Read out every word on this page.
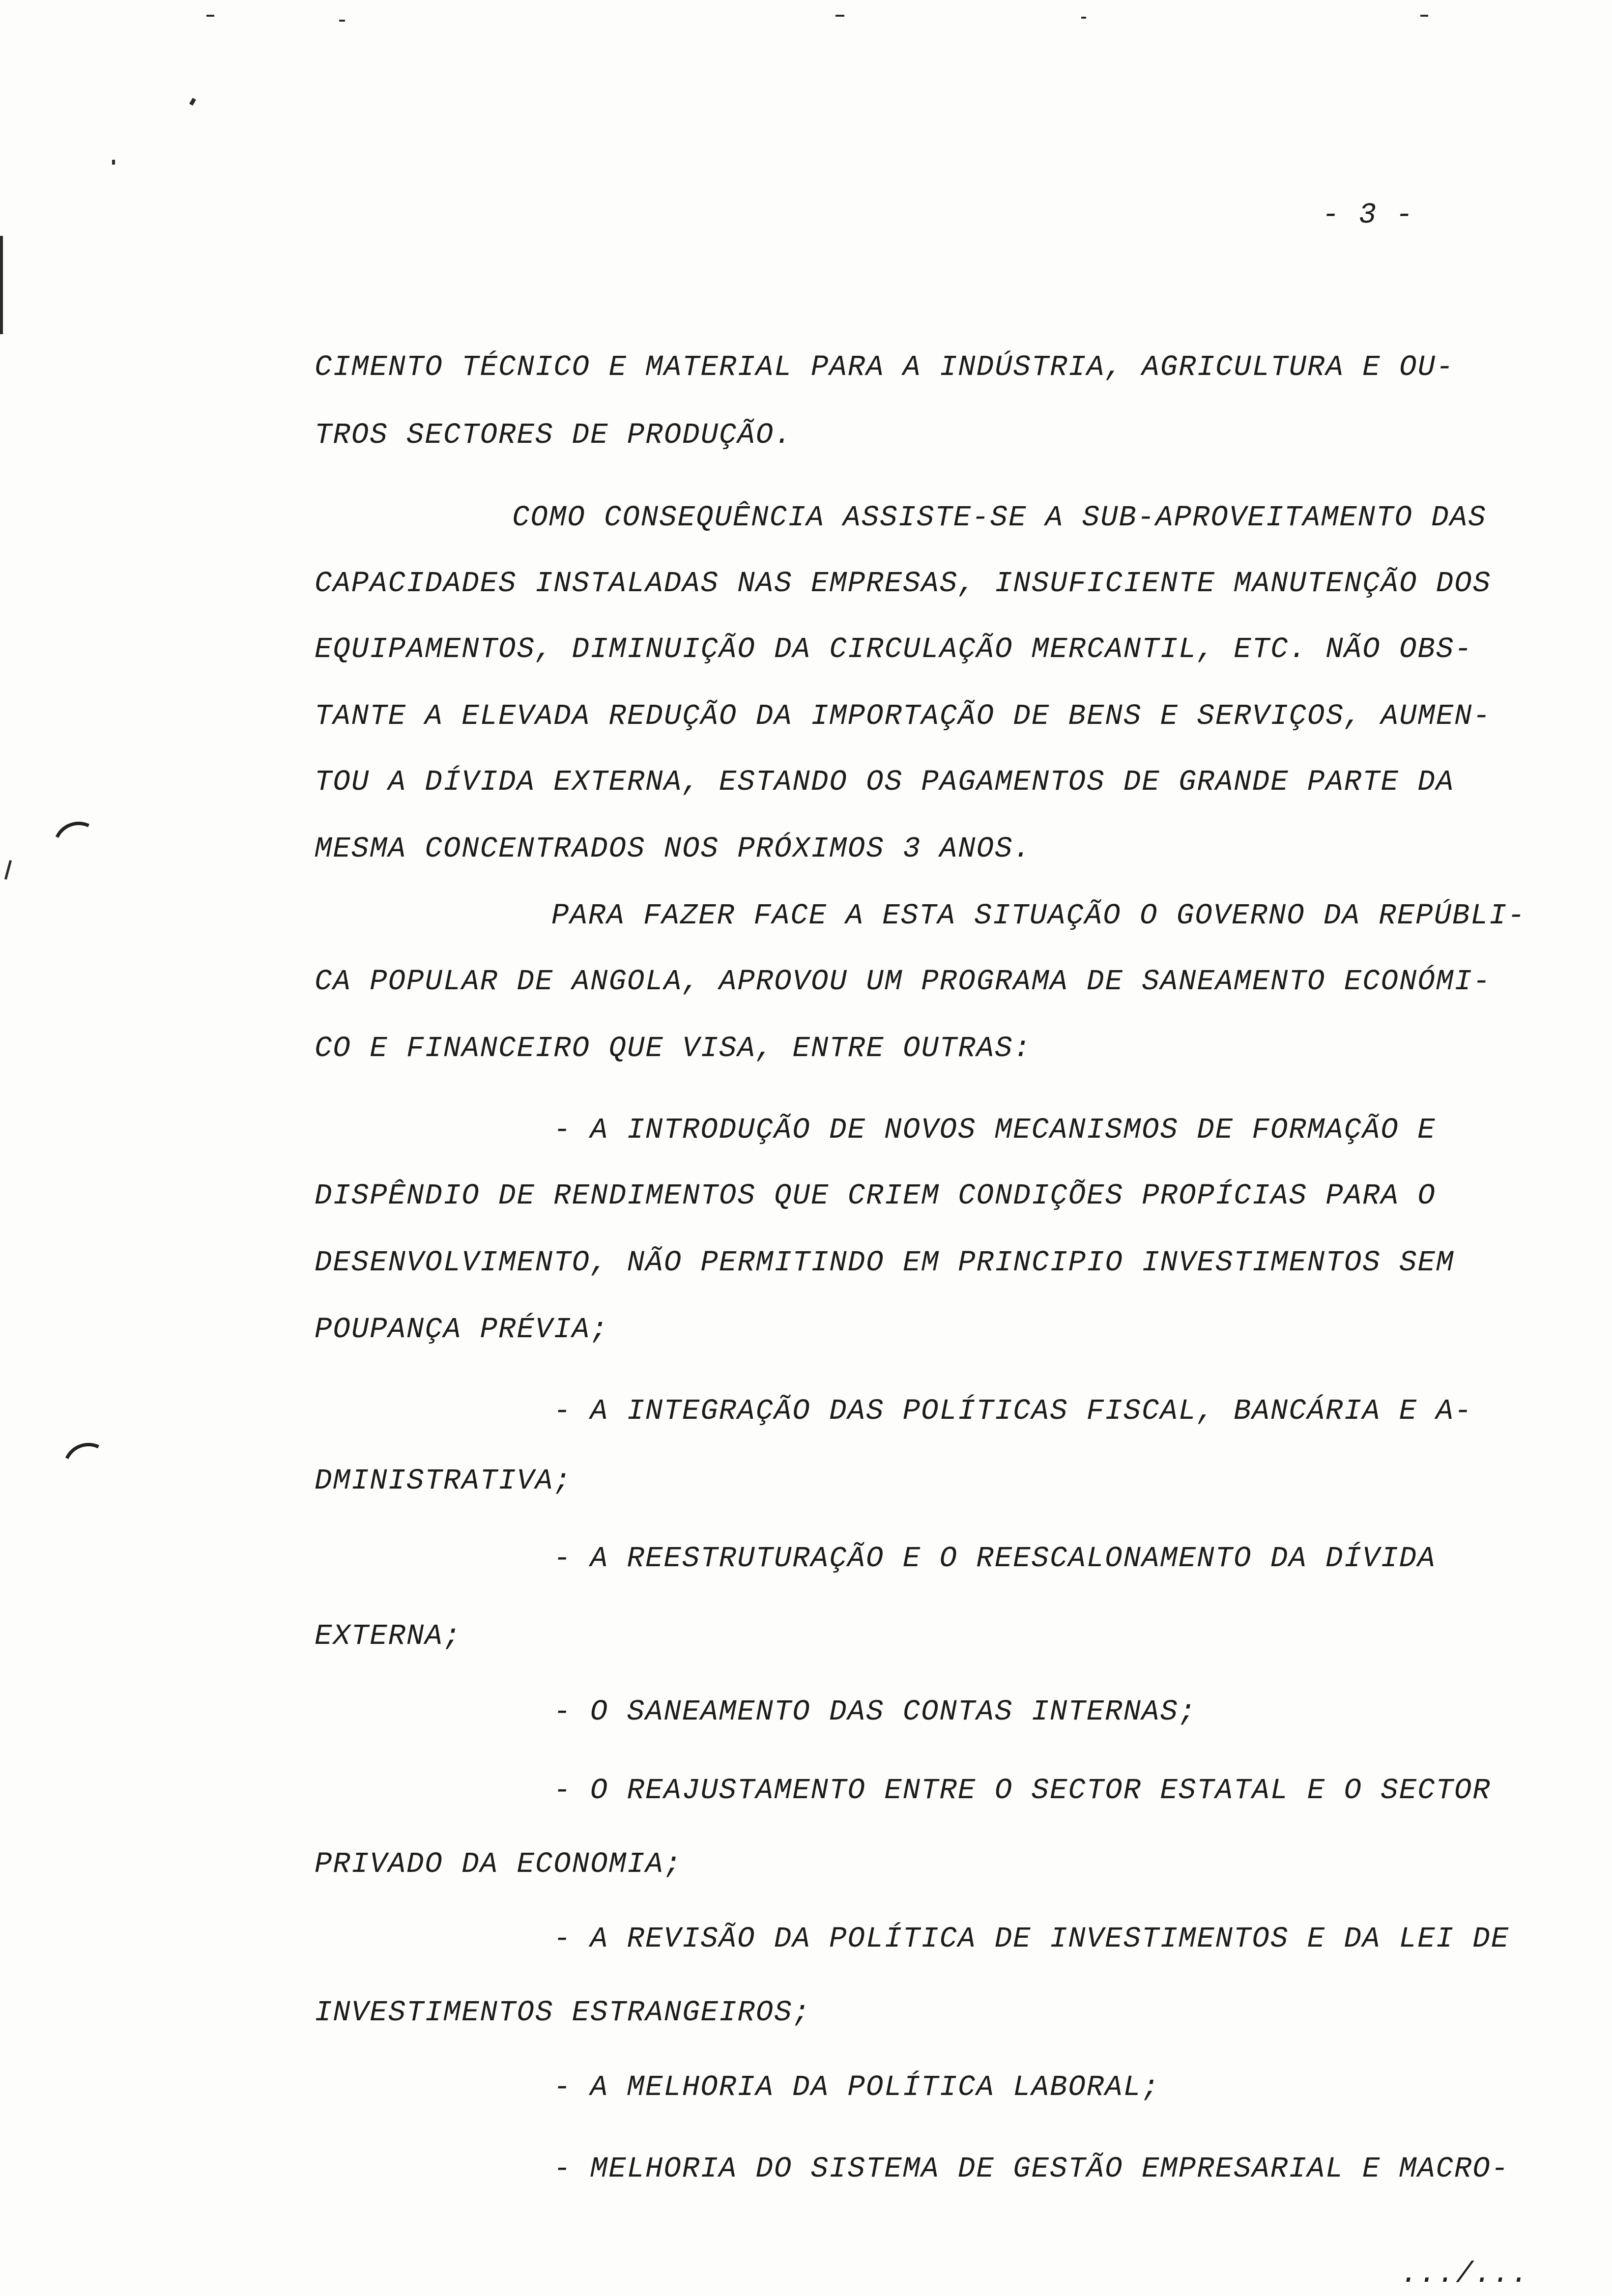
- 3 -
CIMENTO TÉCNICO E MATERIAL PARA A INDÚSTRIA, AGRICULTURA E OU-
TROS SECTORES DE PRODUÇÃO.
COMO CONSEQUÊNCIA ASSISTE-SE A SUB-APROVEITAMENTO DAS
CAPACIDADES INSTALADAS NAS EMPRESAS, INSUFICIENTE MANUTENÇÃO DOS
EQUIPAMENTOS, DIMINUIÇÃO DA CIRCULAÇÃO MERCANTIL, ETC. NÃO OBS-
TANTE A ELEVADA REDUÇÃO DA IMPORTAÇÃO DE BENS E SERVIÇOS, AUMEN-
TOU A DÍVIDA EXTERNA, ESTANDO OS PAGAMENTOS DE GRANDE PARTE DA
MESMA CONCENTRADOS NOS PRÓXIMOS 3 ANOS.
PARA FAZER FACE A ESTA SITUAÇÃO O GOVERNO DA REPÚBLI-
CA POPULAR DE ANGOLA, APROVOU UM PROGRAMA DE SANEAMENTO ECONÓMI-
CO E FINANCEIRO QUE VISA, ENTRE OUTRAS:
- A INTRODUÇÃO DE NOVOS MECANISMOS DE FORMAÇÃO E
DISPÊNDIO DE RENDIMENTOS QUE CRIEM CONDIÇÕES PROPÍCIAS PARA O
DESENVOLVIMENTO, NÃO PERMITINDO EM PRINCIPIO INVESTIMENTOS SEM
POUPANÇA PRÉVIA;
- A INTEGRAÇÃO DAS POLÍTICAS FISCAL, BANCÁRIA E A-
DMINISTRATIVA;
- A REESTRUTURAÇÃO E O REESCALONAMENTO DA DÍVIDA
EXTERNA;
- O SANEAMENTO DAS CONTAS INTERNAS;
- O REAJUSTAMENTO ENTRE O SECTOR ESTATAL E O SECTOR
PRIVADO DA ECONOMIA;
- A REVISÃO DA POLÍTICA DE INVESTIMENTOS E DA LEI DE
INVESTIMENTOS ESTRANGEIROS;
- A MELHORIA DA POLÍTICA LABORAL;
- MELHORIA DO SISTEMA DE GESTÃO EMPRESARIAL E MACRO-
.../...
